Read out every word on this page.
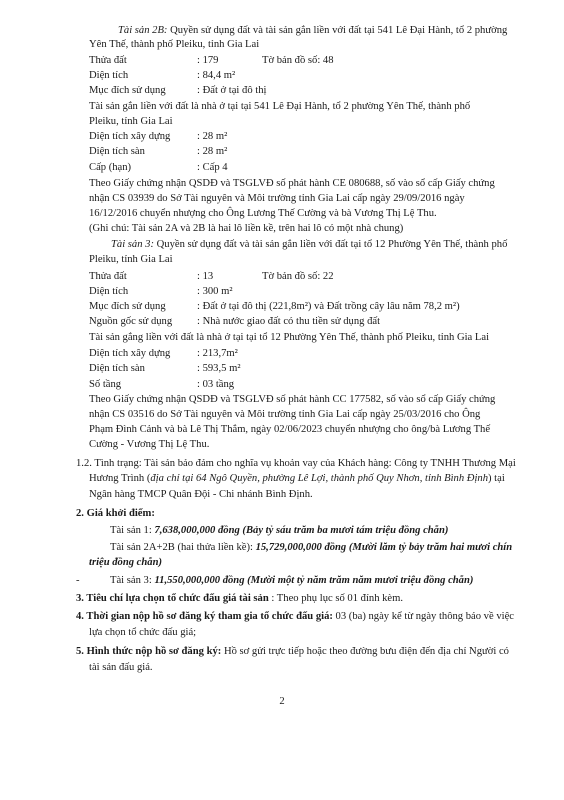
Tài sản 2B: Quyền sử dụng đất và tài sản gắn liền với đất tại 541 Lê Đại Hành, tổ 2 phường
Yên Thế, thành phố Pleiku, tỉnh Gia Lai
Thửa đất	: 179	Tờ bản đồ số: 48
Diện tích	: 84,4 m²
Mục đích sử dụng	: Đất ở tại đô thị
Tài sản gắn liền với đất là nhà ở tại tại 541 Lê Đại Hành, tổ 2 phường Yên Thế, thành phố
Pleiku, tỉnh Gia Lai
Diện tích xây dựng	: 28 m²
Diện tích sàn	: 28 m²
Cấp (hạn)	: Cấp 4
Theo Giấy chứng nhận QSDĐ và TSGLVĐ số phát hành CE 080688, số vào sổ cấp Giấy chứng
nhận CS 03939 do Sở Tài nguyên và Môi trường tỉnh Gia Lai cấp ngày 29/09/2016 ngày
16/12/2016 chuyển nhượng cho Ông Lương Thế Cường và bà Vương Thị Lệ Thu.
(Ghi chú: Tài sản 2A và 2B là hai lô liền kề, trên hai lô có một nhà chung)
Tài sản 3: Quyền sử dụng đất và tài sản gắn liền với đất tại tổ 12 Phường Yên Thế, thành phố
Pleiku, tỉnh Gia Lai
Thửa đất	: 13	Tờ bản đồ số: 22
Diện tích	: 300 m²
Mục đích sử dụng	: Đất ở tại đô thị (221,8m²) và Đất trồng cây lâu năm 78,2 m²)
Nguồn gốc sử dụng : Nhà nước giao đất có thu tiền sử dụng đất
Tài sản gắng liền với đất là nhà ở tại tại tổ 12 Phường Yên Thế, thành phố Pleiku, tỉnh Gia Lai
Diện tích xây dựng	: 213,7m²
Diện tích sàn	: 593,5 m²
Số tầng	: 03 tầng
Theo Giấy chứng nhận QSDĐ và TSGLVĐ số phát hành CC 177582, số vào sổ cấp Giấy chứng
nhận CS 03516 do Sở Tài nguyên và Môi trường tỉnh Gia Lai cấp ngày 25/03/2016 cho Ông
Phạm Đình Cảnh và bà Lê Thị Thắm, ngày 02/06/2023 chuyển nhượng cho ông/bà Lương Thế
Cường - Vương Thị Lệ Thu.
1.2. Tình trạng: Tài sản bảo đảm cho nghĩa vụ khoản vay của Khách hàng: Công ty TNHH Thương Mại
Hương Trình (địa chỉ tại 64 Ngô Quyền, phường Lê Lợi, thành phố Quy Nhơn, tỉnh Bình Định) tại
Ngân hàng TMCP Quân Đội - Chi nhánh Bình Định.
2. Giá khởi điểm:
Tài sản 1: 7,638,000,000 đồng (Bảy tỷ sáu trăm ba mươi tám triệu đồng chẵn)
Tài sản 2A+2B (hai thửa liền kề): 15,729,000,000 đồng (Mười lăm tỷ bảy trăm hai mươi chín
triệu đồng chẵn)
-	Tài sản 3: 11,550,000,000 đồng (Mười một tỷ năm trăm năm mươi triệu đồng chẵn)
3. Tiêu chí lựa chọn tổ chức đấu giá tài sản : Theo phụ lục số 01 đính kèm.
4. Thời gian nộp hồ sơ đăng ký tham gia tổ chức đấu giá: 03 (ba) ngày kể từ ngày thông báo về việc
lựa chọn tổ chức đấu giá;
5. Hình thức nộp hồ sơ đăng ký: Hồ sơ gửi trực tiếp hoặc theo đường bưu điện đến địa chỉ Người có
tài sản đấu giá.
2
